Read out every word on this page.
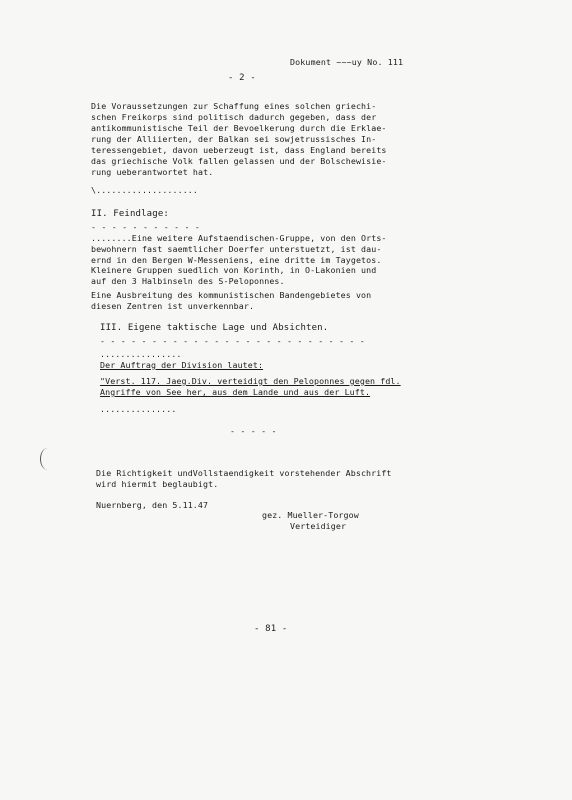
Dokument ~~~uy No. 111
- 2 -
Die Voraussetzungen zur Schaffung eines solchen griechi-
schen Freikorps sind politisch dadurch gegeben, dass der
antikommunistische Teil der Bevoelkerung durch die Erklae-
rung der Alliierten, der Balkan sei sowjetrussisches In-
teressengebiet, davon ueberzeugt ist, dass England bereits
das griechische Volk fallen gelassen und der Bolschewisie-
rung ueberantwortet hat.
\....................
II. Feindlage:
- - - - - - - - - - -
........Eine weitere Aufstaendischen-Gruppe, von den Orts-
bewohnern fast saemtlicher Doerfer unterstuetzt, ist dau-
ernd in den Bergen W-Messeniens, eine dritte im Taygetos.
Kleinere Gruppen suedlich von Korinth, in O-Lakonien und
auf den 3 Halbinseln des S-Peloponnes.
Eine Ausbreitung des kommunistischen Bandengebietes von
diesen Zentren ist unverkennbar.
III. Eigene taktische Lage und Absichten.
- - - - - - - - - - - - - - - - - - - - - - - - - -
................
Der Auftrag der Division lautet:
"Verst. 117. Jaeg.Div. verteidigt den Peloponnes gegen fdl.
Angriffe von See her, aus dem Lande und aus der Luft.
...............
- - - - -
Die Richtigkeit undVollstaendigkeit vorstehender Abschrift
wird hiermit beglaubigt.
Nuernberg, den 5.11.47
gez. Mueller-Torgow
Verteidiger
- 81 -
